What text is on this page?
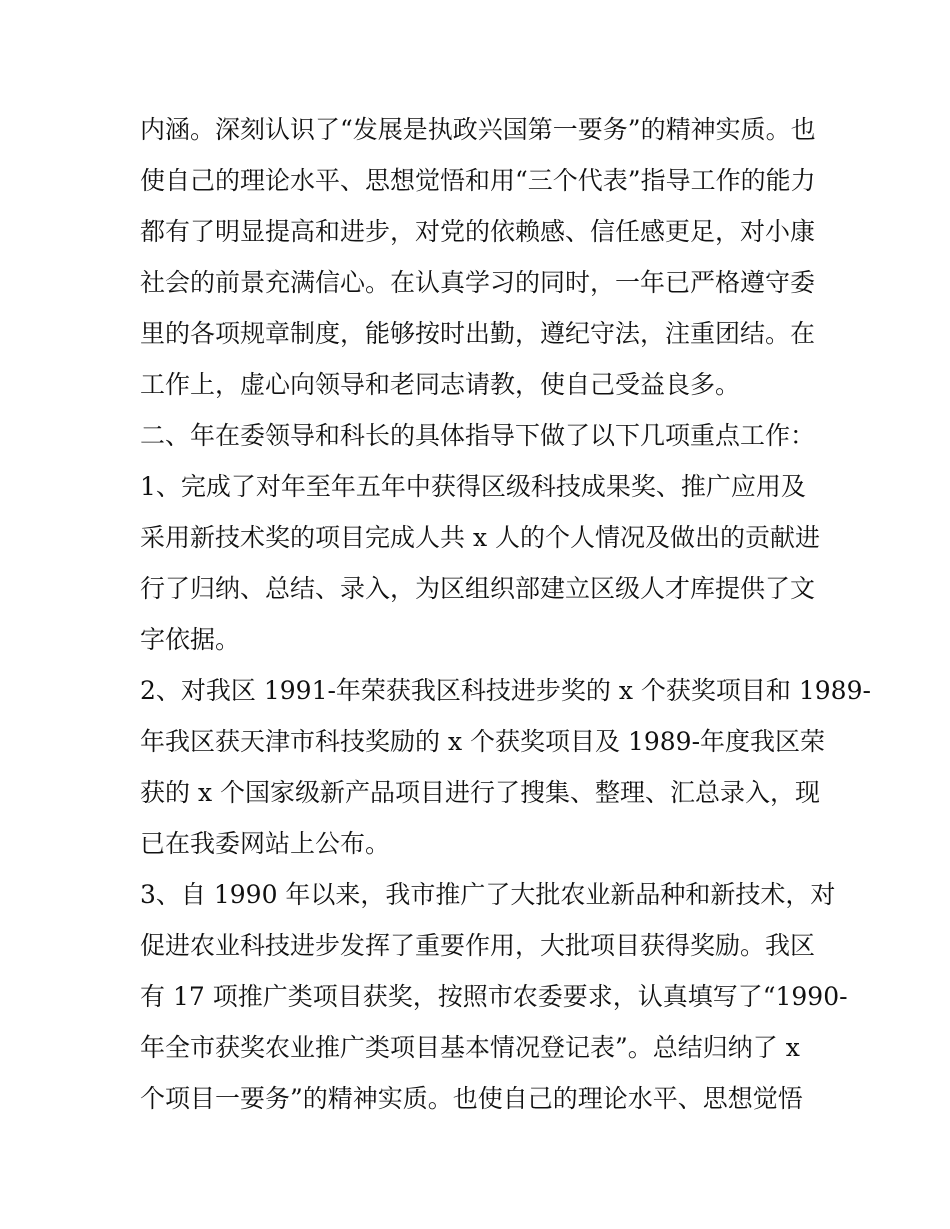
内涵。深刻认识了“发展是执政兴国第一要务”的精神实质。也
使自己的理论水平、思想觉悟和用“三个代表”指导工作的能力
都有了明显提高和进步，对党的依赖感、信任感更足，对小康
社会的前景充满信心。在认真学习的同时，一年已严格遵守委
里的各项规章制度，能够按时出勤，遵纪守法，注重团结。在
工作上，虚心向领导和老同志请教，使自己受益良多。
二、年在委领导和科长的具体指导下做了以下几项重点工作：
1、完成了对年至年五年中获得区级科技成果奖、推广应用及
采用新技术奖的项目完成人共 x 人的个人情况及做出的贡献进
行了归纳、总结、录入，为区组织部建立区级人才库提供了文
字依据。
2、对我区 1991-年荣获我区科技进步奖的 x 个获奖项目和 1989-
年我区获天津市科技奖励的 x 个获奖项目及 1989-年度我区荣
获的 x 个国家级新产品项目进行了搜集、整理、汇总录入，现
已在我委网站上公布。
3、自 1990 年以来，我市推广了大批农业新品种和新技术，对
促进农业科技进步发挥了重要作用，大批项目获得奖励。我区
有 17 项推广类项目获奖，按照市农委要求，认真填写了“1990-
年全市获奖农业推广类项目基本情况登记表”。总结归纳了 x
个项目一要务”的精神实质。也使自己的理论水平、思想觉悟
